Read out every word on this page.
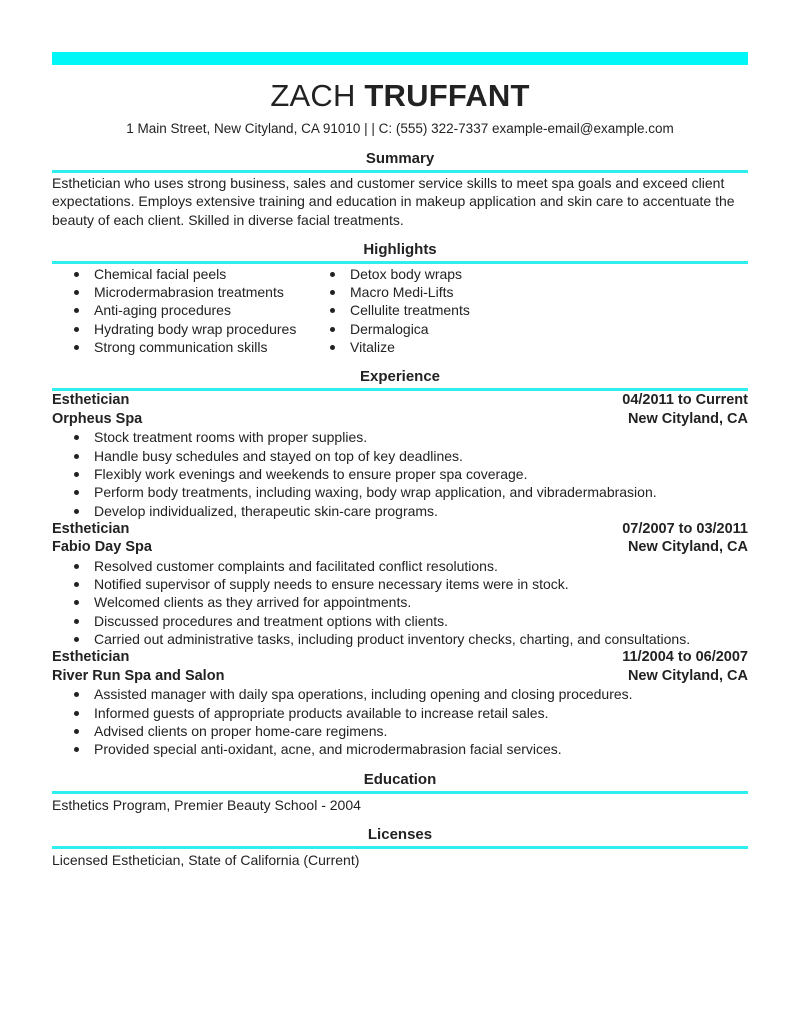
ZACH TRUFFANT
1 Main Street, New Cityland, CA 91010 | | C: (555) 322-7337 example-email@example.com
Summary
Esthetician who uses strong business, sales and customer service skills to meet spa goals and exceed client expectations. Employs extensive training and education in makeup application and skin care to accentuate the beauty of each client. Skilled in diverse facial treatments.
Highlights
Chemical facial peels
Microdermabrasion treatments
Anti-aging procedures
Hydrating body wrap procedures
Strong communication skills
Detox body wraps
Macro Medi-Lifts
Cellulite treatments
Dermalogica
Vitalize
Experience
Esthetician	04/2011 to Current
Orpheus Spa	New Cityland, CA
Stock treatment rooms with proper supplies.
Handle busy schedules and stayed on top of key deadlines.
Flexibly work evenings and weekends to ensure proper spa coverage.
Perform body treatments, including waxing, body wrap application, and vibradermabrasion.
Develop individualized, therapeutic skin-care programs.
Esthetician	07/2007 to 03/2011
Fabio Day Spa	New Cityland, CA
Resolved customer complaints and facilitated conflict resolutions.
Notified supervisor of supply needs to ensure necessary items were in stock.
Welcomed clients as they arrived for appointments.
Discussed procedures and treatment options with clients.
Carried out administrative tasks, including product inventory checks, charting, and consultations.
Esthetician	11/2004 to 06/2007
River Run Spa and Salon	New Cityland, CA
Assisted manager with daily spa operations, including opening and closing procedures.
Informed guests of appropriate products available to increase retail sales.
Advised clients on proper home-care regimens.
Provided special anti-oxidant, acne, and microdermabrasion facial services.
Education
Esthetics Program, Premier Beauty School - 2004
Licenses
Licensed Esthetician, State of California (Current)
